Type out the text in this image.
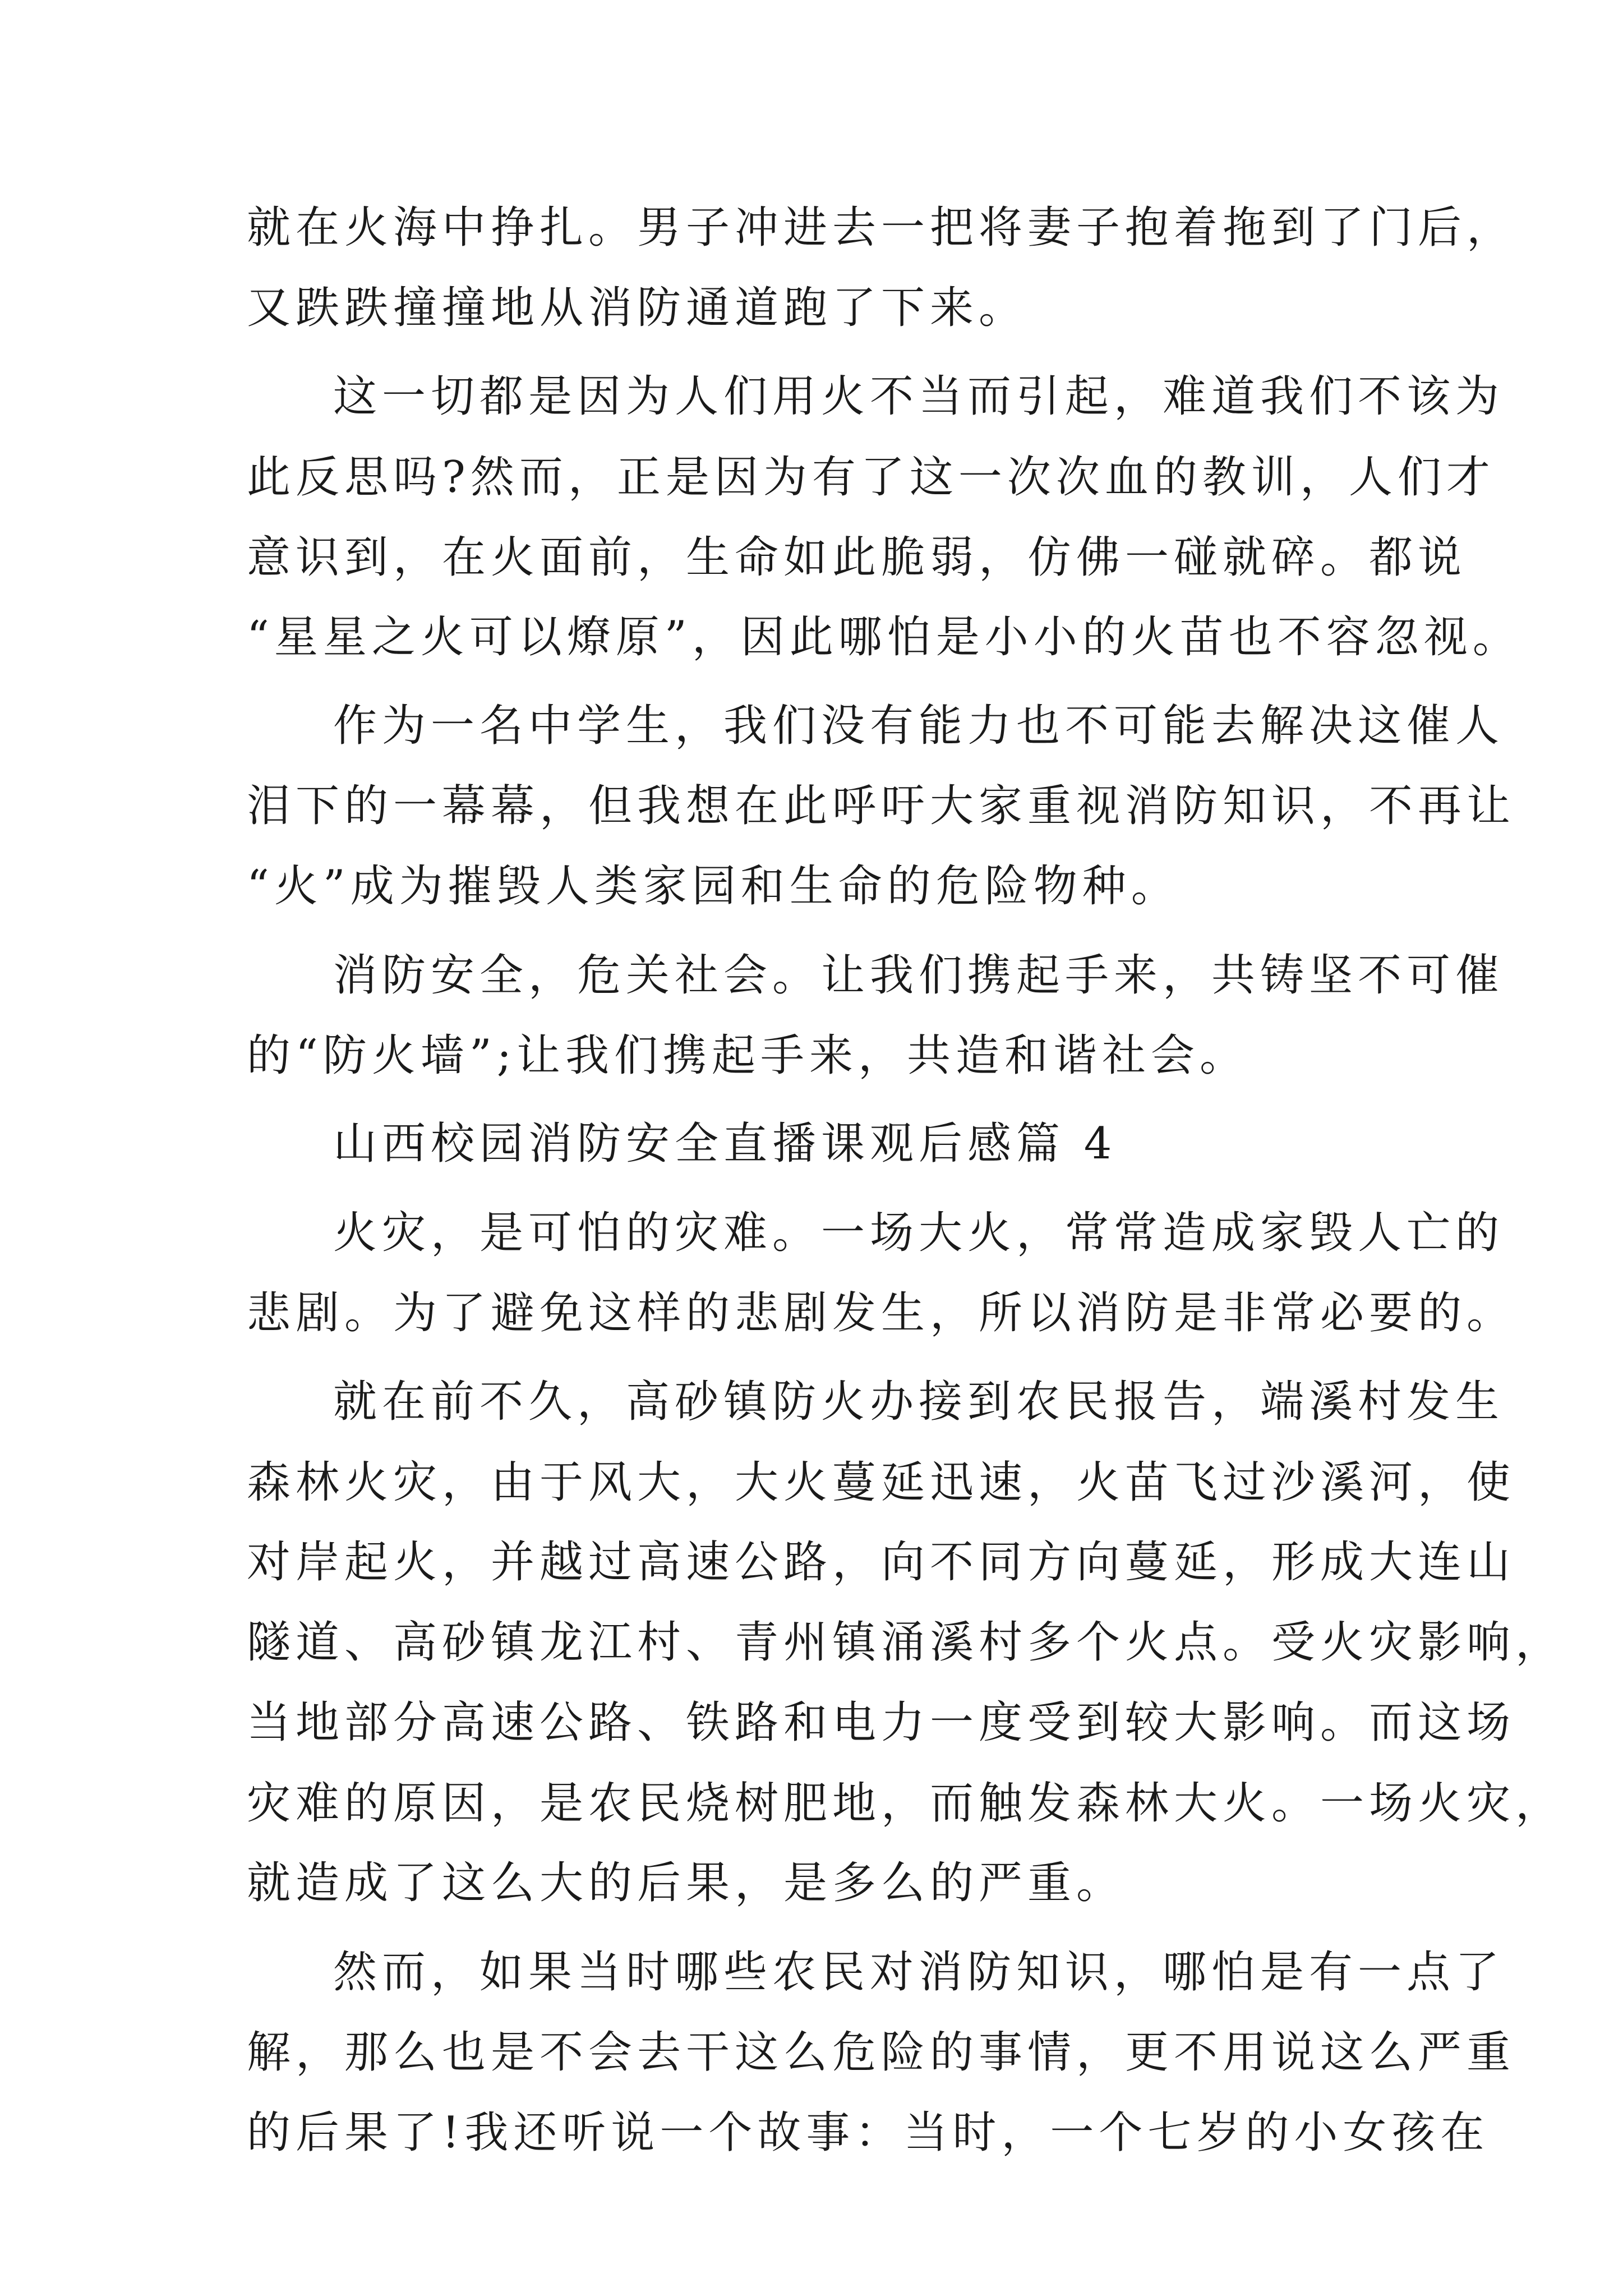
就在火海中挣扎。男子冲进去一把将妻子抱着拖到了门后，

又跌跌撞撞地从消防通道跑了下来。

这一切都是因为人们用火不当而引起，难道我们不该为

此反思吗?然而，正是因为有了这一次次血的教训，人们才

意识到，在火面前，生命如此脆弱，仿佛一碰就碎。都说

“星星之火可以燎原”，因此哪怕是小小的火苗也不容忽视。

作为一名中学生，我们没有能力也不可能去解决这催人

泪下的一幕幕，但我想在此呼吁大家重视消防知识，不再让

“火”成为摧毁人类家园和生命的危险物种。

消防安全，危关社会。让我们携起手来，共铸坚不可催

的“防火墙”;让我们携起手来，共造和谐社会。

山西校园消防安全直播课观后感篇 4

火灾，是可怕的灾难。一场大火，常常造成家毁人亡的

悲剧。为了避免这样的悲剧发生，所以消防是非常必要的。

就在前不久，高砂镇防火办接到农民报告，端溪村发生

森林火灾，由于风大，大火蔓延迅速，火苗飞过沙溪河，使

对岸起火，并越过高速公路，向不同方向蔓延，形成大连山

隧道、高砂镇龙江村、青州镇涌溪村多个火点。受火灾影响，

当地部分高速公路、铁路和电力一度受到较大影响。而这场

灾难的原因，是农民烧树肥地，而触发森林大火。一场火灾，

就造成了这么大的后果，是多么的严重。

然而，如果当时哪些农民对消防知识，哪怕是有一点了

解，那么也是不会去干这么危险的事情，更不用说这么严重

的后果了!我还听说一个故事：当时，一个七岁的小女孩在
